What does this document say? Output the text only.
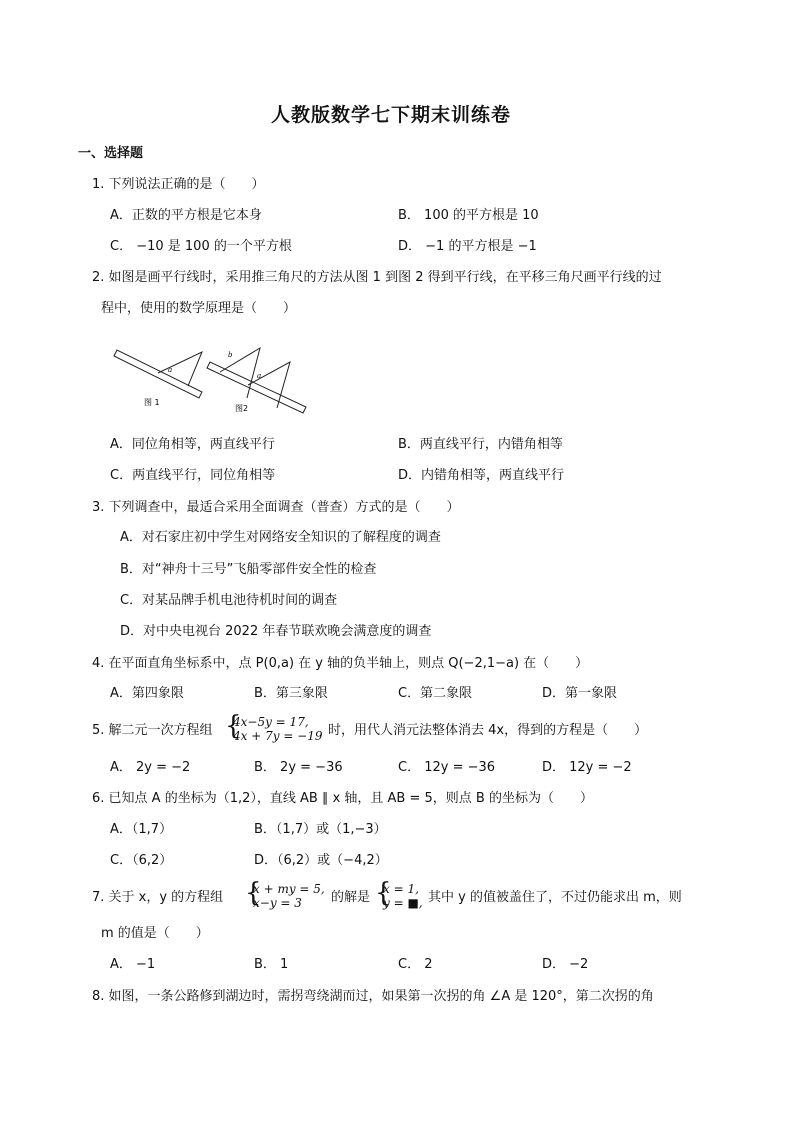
人教版数学七下期末训练卷
一、选择题
1. 下列说法正确的是（　　）
A．正数的平方根是它本身	B． 100 的平方根是 10
C． −10 是 100 的一个平方根	D． −1 的平方根是 −1
2. 如图是画平行线时，采用推三角尺的方法从图 1 到图 2 得到平行线，在平移三角尺画平行线的过
程中，使用的数学原理是（　　）
a
b
a
图 1
图2
A．同位角相等，两直线平行	B．两直线平行，内错角相等
C．两直线平行，同位角相等	D．内错角相等，两直线平行
3. 下列调查中，最适合采用全面调查（普查）方式的是（　　）
A．对石家庄初中学生对网络安全知识的了解程度的调查
B．对“神舟十三号”飞船零部件安全性的检查
C．对某品牌手机电池待机时间的调查
D．对中央电视台 2022 年春节联欢晚会满意度的调查
4. 在平面直角坐标系中，点 P(0,a) 在 y 轴的负半轴上，则点 Q(−2,1−a) 在（　　）
A．第四象限	B．第三象限	C．第二象限	D．第一象限
5. 解二元一次方程组 {
4x−5y = 17,
4x + 7y = −19 时，用代人消元法整体消去 4x，得到的方程是（　　）
A． 2y = −2	B． 2y = −36	C． 12y = −36	D． 12y = −2
6. 已知点 A 的坐标为（1,2），直线 AB ∥ x 轴，且 AB = 5，则点 B 的坐标为（　　）
A．（1,7）	B．（1,7）或（1,−3）
C．（6,2）	D．（6,2）或（−4,2）
7. 关于 x，y 的方程组 {
x + my = 5,
x−y = 3 的解是 {
x = 1,
y = ■, 其中 y 的值被盖住了，不过仍能求出 m，则
m 的值是（　　）
A． −1	B． 1	C． 2	D． −2
8. 如图，一条公路修到湖边时，需拐弯绕湖而过，如果第一次拐的角 ∠A 是 120°，第二次拐的角
